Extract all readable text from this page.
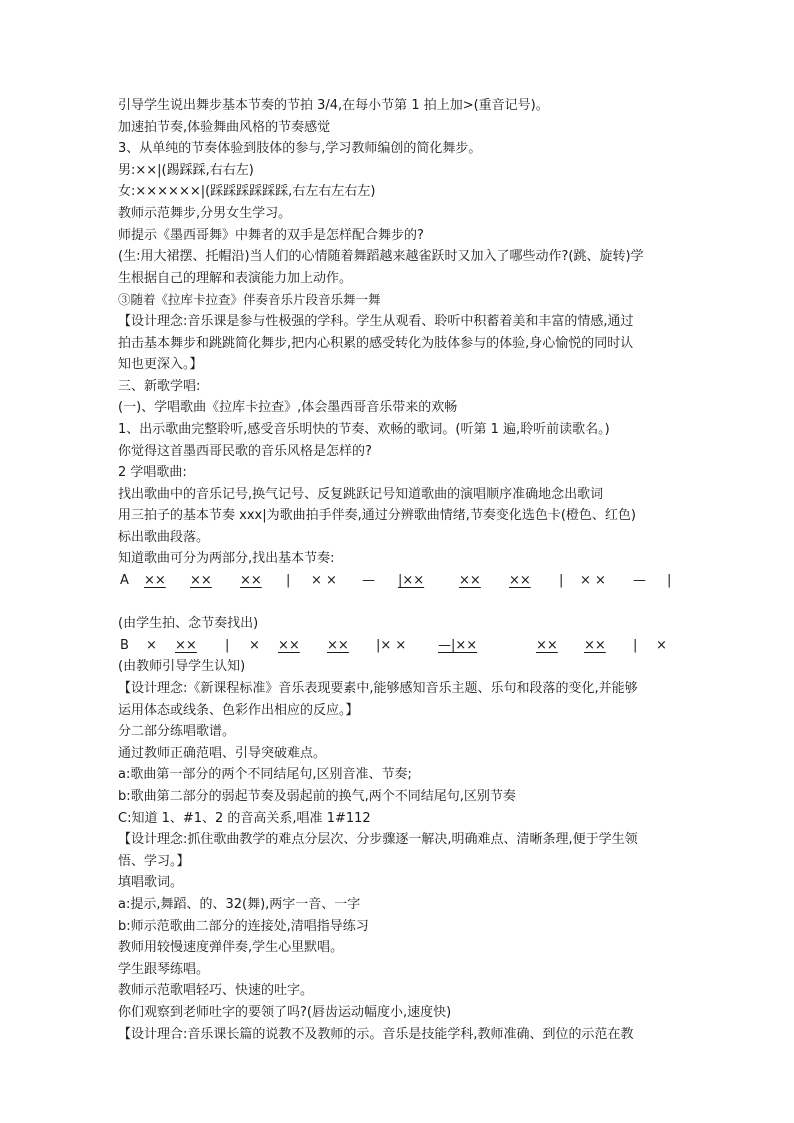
引导学生说出舞步基本节奏的节拍 3/4,在每小节第 1 拍上加>(重音记号)。
加速拍节奏,体验舞曲风格的节奏感觉
3、从单纯的节奏体验到肢体的参与,学习教师编创的简化舞步。
男:××|(踢踩踩,右右左)
女:××××××|(踩踩踩踩踩踩,右左右左右左)
教师示范舞步,分男女生学习。
师提示《墨西哥舞》中舞者的双手是怎样配合舞步的?
(生:用大裙摆、托帽沿)当人们的心情随着舞蹈越来越雀跃时又加入了哪些动作?(跳、旋转)学
生根据自己的理解和表演能力加上动作。
③随着《拉库卡拉查》伴奏音乐片段音乐舞一舞
【设计理念:音乐课是参与性极强的学科。学生从观看、聆听中积蓄着美和丰富的情感,通过
拍击基本舞步和跳跳简化舞步,把内心积累的感受转化为肢体参与的体验,身心愉悦的同时认
知也更深入。】
三、新歌学唱:
(一)、学唱歌曲《拉库卡拉查》,体会墨西哥音乐带来的欢畅
1、出示歌曲完整聆听,感受音乐明快的节奏、欢畅的歌词。(听第 1 遍,聆听前读歌名。)
你觉得这首墨西哥民歌的音乐风格是怎样的?
2 学唱歌曲:
找出歌曲中的音乐记号,换气记号、反复跳跃记号知道歌曲的演唱顺序准确地念出歌词
用三拍子的基本节奏 xxx|为歌曲拍手伴奏,通过分辨歌曲情绪,节奏变化选色卡(橙色、红色)
标出歌曲段落。
知道歌曲可分为两部分,找出基本节奏:
A ×× ×× ×× | × × — |××	×× ×× | × × — |
(由学生拍、念节奏找出)
B × ×× | × ×× ×× |× × —|××	×× ×× | ×
(由教师引导学生认知)
【设计理念:《新课程标准》音乐表现要素中,能够感知音乐主题、乐句和段落的变化,并能够
运用体态或线条、色彩作出相应的反应。】
分二部分练唱歌谱。
通过教师正确范唱、引导突破难点。
a:歌曲第一部分的两个不同结尾句,区别音准、节奏;
b:歌曲第二部分的弱起节奏及弱起前的换气,两个不同结尾句,区别节奏
C:知道 1、#1、2 的音高关系,唱准 1#112
【设计理念:抓住歌曲教学的难点分层次、分步骤逐一解决,明确难点、清晰条理,便于学生领
悟、学习。】
填唱歌词。
a:提示,舞蹈、的、32(舞),两字一音、一字
b:师示范歌曲二部分的连接处,清唱指导练习
教师用较慢速度弹伴奏,学生心里默唱。
学生跟琴练唱。
教师示范歌唱轻巧、快速的吐字。
你们观察到老师吐字的要领了吗?(唇齿运动幅度小,速度快)
【设计理合:音乐课长篇的说教不及教师的示。音乐是技能学科,教师准确、到位的示范在教
